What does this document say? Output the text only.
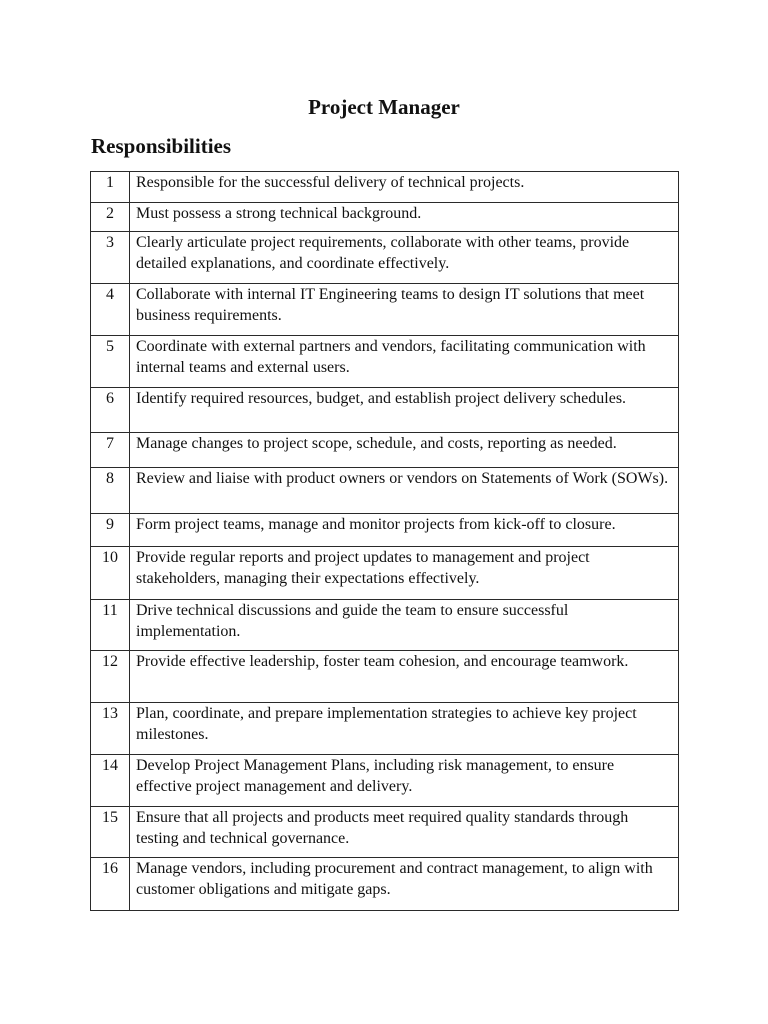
Project Manager
Responsibilities
1	Responsible for the successful delivery of technical projects.
2	Must possess a strong technical background.
3	Clearly articulate project requirements, collaborate with other teams, provide detailed explanations, and coordinate effectively.
4	Collaborate with internal IT Engineering teams to design IT solutions that meet business requirements.
5	Coordinate with external partners and vendors, facilitating communication with internal teams and external users.
6	Identify required resources, budget, and establish project delivery schedules.
7	Manage changes to project scope, schedule, and costs, reporting as needed.
8	Review and liaise with product owners or vendors on Statements of Work (SOWs).
9	Form project teams, manage and monitor projects from kick-off to closure.
10	Provide regular reports and project updates to management and project stakeholders, managing their expectations effectively.
11	Drive technical discussions and guide the team to ensure successful implementation.
12	Provide effective leadership, foster team cohesion, and encourage teamwork.
13	Plan, coordinate, and prepare implementation strategies to achieve key project milestones.
14	Develop Project Management Plans, including risk management, to ensure effective project management and delivery.
15	Ensure that all projects and products meet required quality standards through testing and technical governance.
16	Manage vendors, including procurement and contract management, to align with customer obligations and mitigate gaps.
